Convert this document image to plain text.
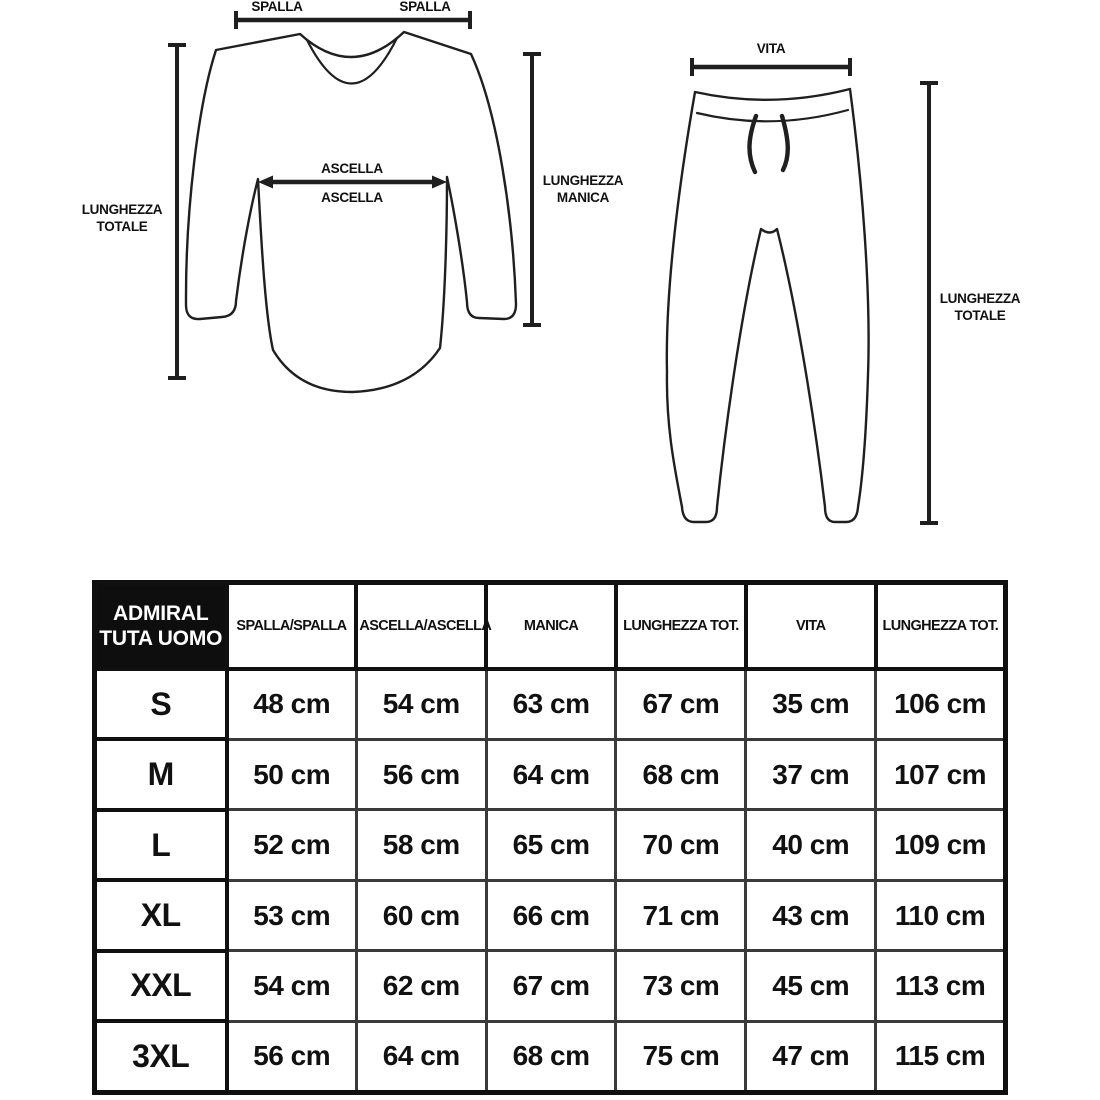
SPALLA	SPALLA
ASCELLA
ASCELLA
LUNGHEZZA
TOTALE
LUNGHEZZA
MANICA
VITA
LUNGHEZZA
TOTALE
ADMIRAL
TUTA UOMO	SPALLA/SPALLA	ASCELLA/ASCELLA	MANICA	LUNGHEZZA TOT.	VITA	LUNGHEZZA TOT.
S	48 cm	54 cm	63 cm	67 cm	35 cm	106 cm
M	50 cm	56 cm	64 cm	68 cm	37 cm	107 cm
L	52 cm	58 cm	65 cm	70 cm	40 cm	109 cm
XL	53 cm	60 cm	66 cm	71 cm	43 cm	110 cm
XXL	54 cm	62 cm	67 cm	73 cm	45 cm	113 cm
3XL	56 cm	64 cm	68 cm	75 cm	47 cm	115 cm
